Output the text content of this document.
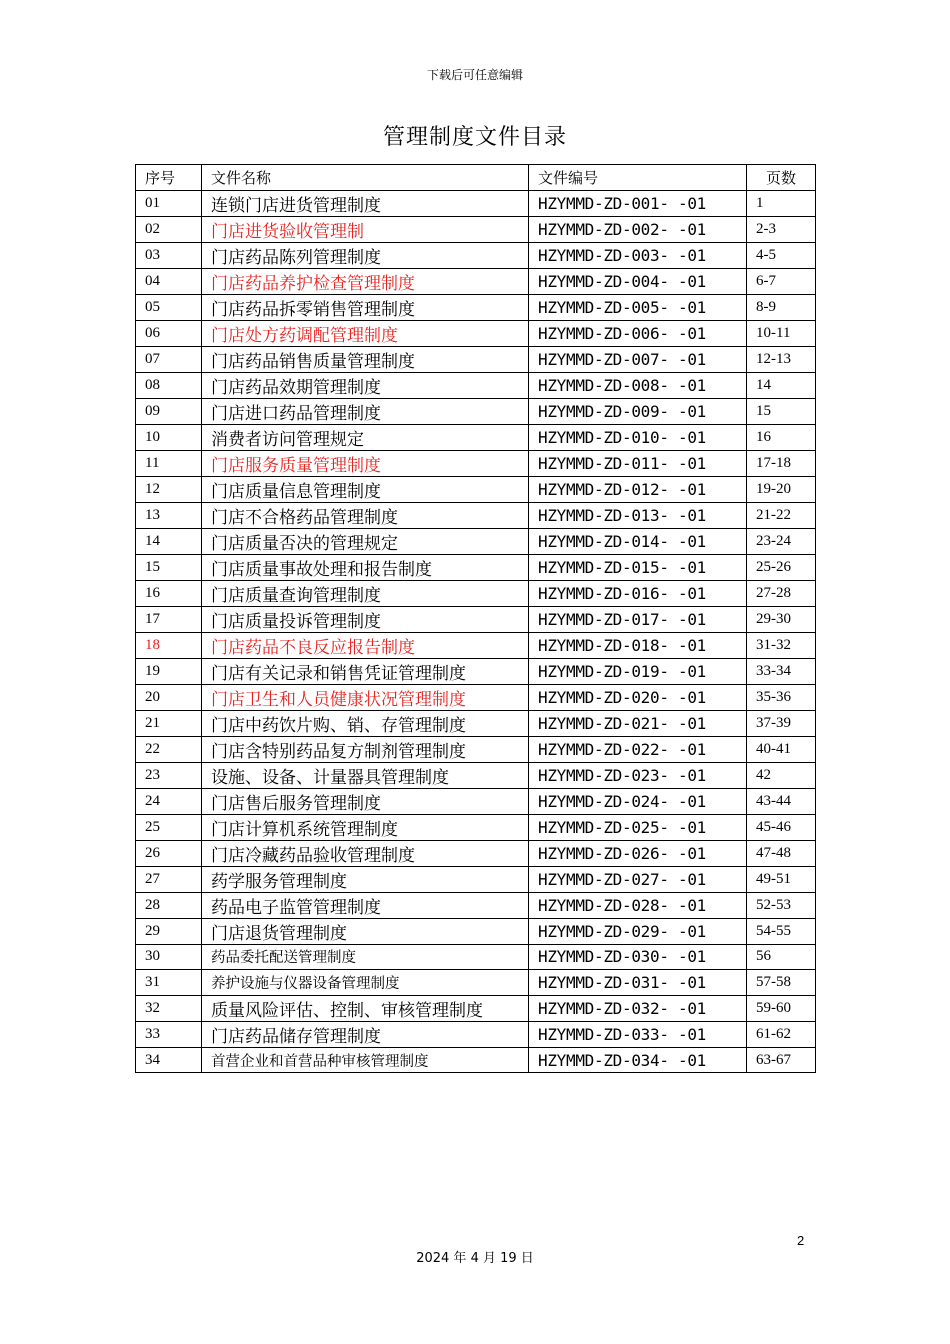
下载后可任意编辑
管理制度文件目录
序号	文件名称	文件编号	页数
01	连锁门店进货管理制度	HZYMMD-ZD-001- -01	1
02	门店进货验收管理制	HZYMMD-ZD-002- -01	2-3
03	门店药品陈列管理制度	HZYMMD-ZD-003- -01	4-5
04	门店药品养护检查管理制度	HZYMMD-ZD-004- -01	6-7
05	门店药品拆零销售管理制度	HZYMMD-ZD-005- -01	8-9
06	门店处方药调配管理制度	HZYMMD-ZD-006- -01	10-11
07	门店药品销售质量管理制度	HZYMMD-ZD-007- -01	12-13
08	门店药品效期管理制度	HZYMMD-ZD-008- -01	14
09	门店进口药品管理制度	HZYMMD-ZD-009- -01	15
10	消费者访问管理规定	HZYMMD-ZD-010- -01	16
11	门店服务质量管理制度	HZYMMD-ZD-011- -01	17-18
12	门店质量信息管理制度	HZYMMD-ZD-012- -01	19-20
13	门店不合格药品管理制度	HZYMMD-ZD-013- -01	21-22
14	门店质量否决的管理规定	HZYMMD-ZD-014- -01	23-24
15	门店质量事故处理和报告制度	HZYMMD-ZD-015- -01	25-26
16	门店质量查询管理制度	HZYMMD-ZD-016- -01	27-28
17	门店质量投诉管理制度	HZYMMD-ZD-017- -01	29-30
18	门店药品不良反应报告制度	HZYMMD-ZD-018- -01	31-32
19	门店有关记录和销售凭证管理制度	HZYMMD-ZD-019- -01	33-34
20	门店卫生和人员健康状况管理制度	HZYMMD-ZD-020- -01	35-36
21	门店中药饮片购、销、存管理制度	HZYMMD-ZD-021- -01	37-39
22	门店含特别药品复方制剂管理制度	HZYMMD-ZD-022- -01	40-41
23	设施、设备、计量器具管理制度	HZYMMD-ZD-023- -01	42
24	门店售后服务管理制度	HZYMMD-ZD-024- -01	43-44
25	门店计算机系统管理制度	HZYMMD-ZD-025- -01	45-46
26	门店冷藏药品验收管理制度	HZYMMD-ZD-026- -01	47-48
27	药学服务管理制度	HZYMMD-ZD-027- -01	49-51
28	药品电子监管管理制度	HZYMMD-ZD-028- -01	52-53
29	门店退货管理制度	HZYMMD-ZD-029- -01	54-55
30	药品委托配送管理制度	HZYMMD-ZD-030- -01	56
31	养护设施与仪器设备管理制度	HZYMMD-ZD-031- -01	57-58
32	质量风险评估、控制、审核管理制度	HZYMMD-ZD-032- -01	59-60
33	门店药品储存管理制度	HZYMMD-ZD-033- -01	61-62
34	首营企业和首营品种审核管理制度	HZYMMD-ZD-034- -01	63-67
2
2024 年 4 月 19 日
